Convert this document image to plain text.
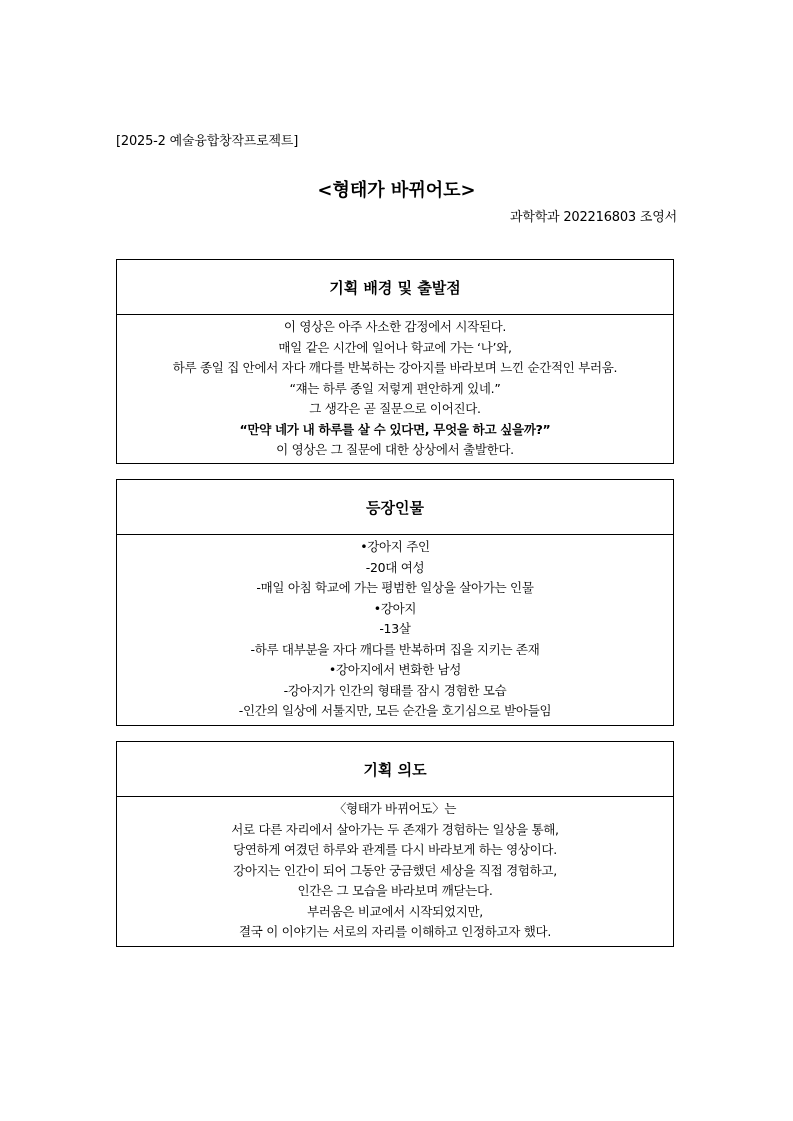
[2025-2 예술융합창작프로젝트]
<형태가 바뀌어도>
과학학과 202216803 조영서
기획 배경 및 출발점
이 영상은 아주 사소한 감정에서 시작된다.
매일 같은 시간에 일어나 학교에 가는 ‘나’와,
하루 종일 집 안에서 자다 깨다를 반복하는 강아지를 바라보며 느낀 순간적인 부러움.
“쟤는 하루 종일 저렇게 편안하게 있네.”
그 생각은 곧 질문으로 이어진다.
“만약 네가 내 하루를 살 수 있다면, 무엇을 하고 싶을까?”
이 영상은 그 질문에 대한 상상에서 출발한다.
등장인물
•강아지 주인
-20대 여성
-매일 아침 학교에 가는 평범한 일상을 살아가는 인물
•강아지
-13살
-하루 대부분을 자다 깨다를 반복하며 집을 지키는 존재
•강아지에서 변화한 남성
-강아지가 인간의 형태를 잠시 경험한 모습
-인간의 일상에 서툴지만, 모든 순간을 호기심으로 받아들임
기획 의도
〈형태가 바뀌어도〉는
서로 다른 자리에서 살아가는 두 존재가 경험하는 일상을 통해,
당연하게 여겼던 하루와 관계를 다시 바라보게 하는 영상이다.
강아지는 인간이 되어 그동안 궁금했던 세상을 직접 경험하고,
인간은 그 모습을 바라보며 깨닫는다.
부러움은 비교에서 시작되었지만,
결국 이 이야기는 서로의 자리를 이해하고 인정하고자 했다.
